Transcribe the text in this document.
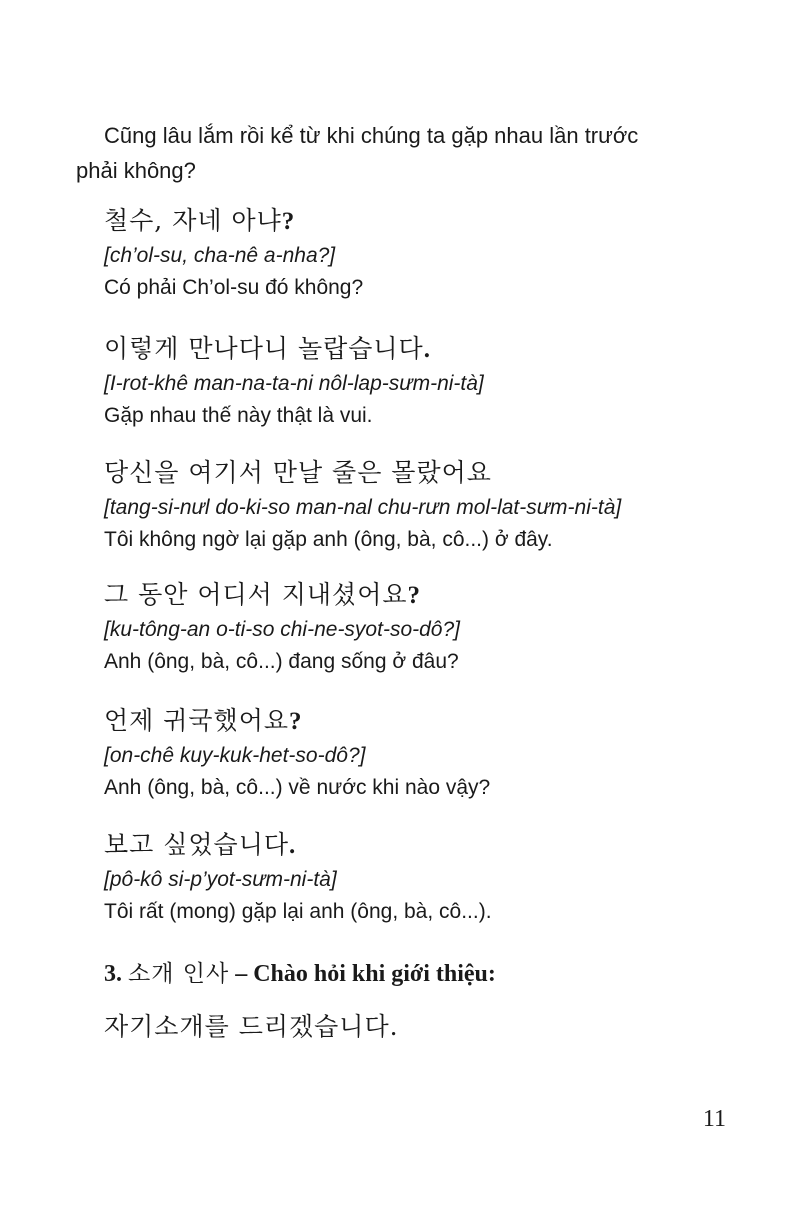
Cũng lâu lắm rồi kể từ khi chúng ta gặp nhau lần trước
phải không?
철수, 자네 아냐?
[ch’ol-su, cha-nê a-nha?]
Có phải Ch’ol-su đó không?
이렇게 만나다니 놀랍습니다.
[I-rot-khê man-na-ta-ni nôl-lap-sưm-ni-tà]
Gặp nhau thế này thật là vui.
당신을 여기서 만날 줄은 몰랐어요
[tang-si-nưl do-ki-so man-nal chu-rưn mol-lat-sưm-ni-tà]
Tôi không ngờ lại gặp anh (ông, bà, cô...) ở đây.
그 동안 어디서 지내셨어요?
[ku-tông-an o-ti-so chi-ne-syot-so-dô?]
Anh (ông, bà, cô...) đang sống ở đâu?
언제 귀국했어요?
[on-chê kuy-kuk-het-so-dô?]
Anh (ông, bà, cô...) về nước khi nào vậy?
보고 싶었습니다.
[pô-kô si-p’yot-sưm-ni-tà]
Tôi rất (mong) gặp lại anh (ông, bà, cô...).
3. 소개 인사 – Chào hỏi khi giới thiệu:
자기소개를 드리겠습니다.
11
